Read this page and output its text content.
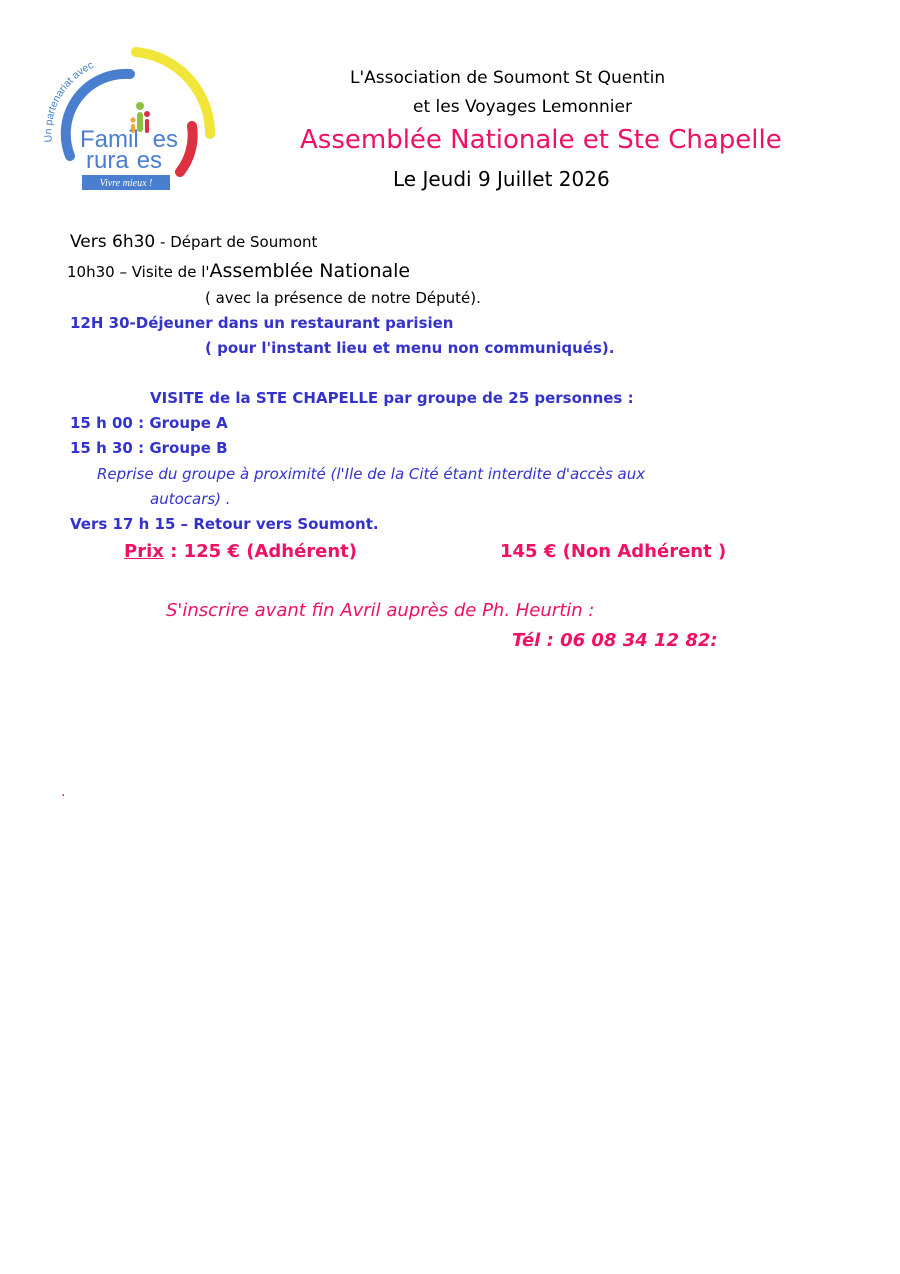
Un partenariat avec
Famil es
rura es
Vivre mieux !
L'Association de Soumont St Quentin
et les Voyages Lemonnier
Assemblée Nationale et Ste Chapelle
Le Jeudi 9 Juillet 2026
Vers 6h30 - Départ de Soumont
10h30 – Visite de l'Assemblée Nationale
( avec la présence de notre Député).
12H 30-Déjeuner dans un restaurant parisien
( pour l'instant lieu et menu non communiqués).
VISITE de la STE CHAPELLE par groupe de 25 personnes :
15 h 00 : Groupe A
15 h 30 : Groupe B
Reprise du groupe à proximité (l'Ile de la Cité étant interdite d'accès aux
autocars) .
Vers 17 h 15 – Retour vers Soumont.
Prix : 125 € (Adhérent)	145 € (Non Adhérent )
S'inscrire avant fin Avril auprès de Ph. Heurtin :
Tél : 06 08 34 12 82:
.
